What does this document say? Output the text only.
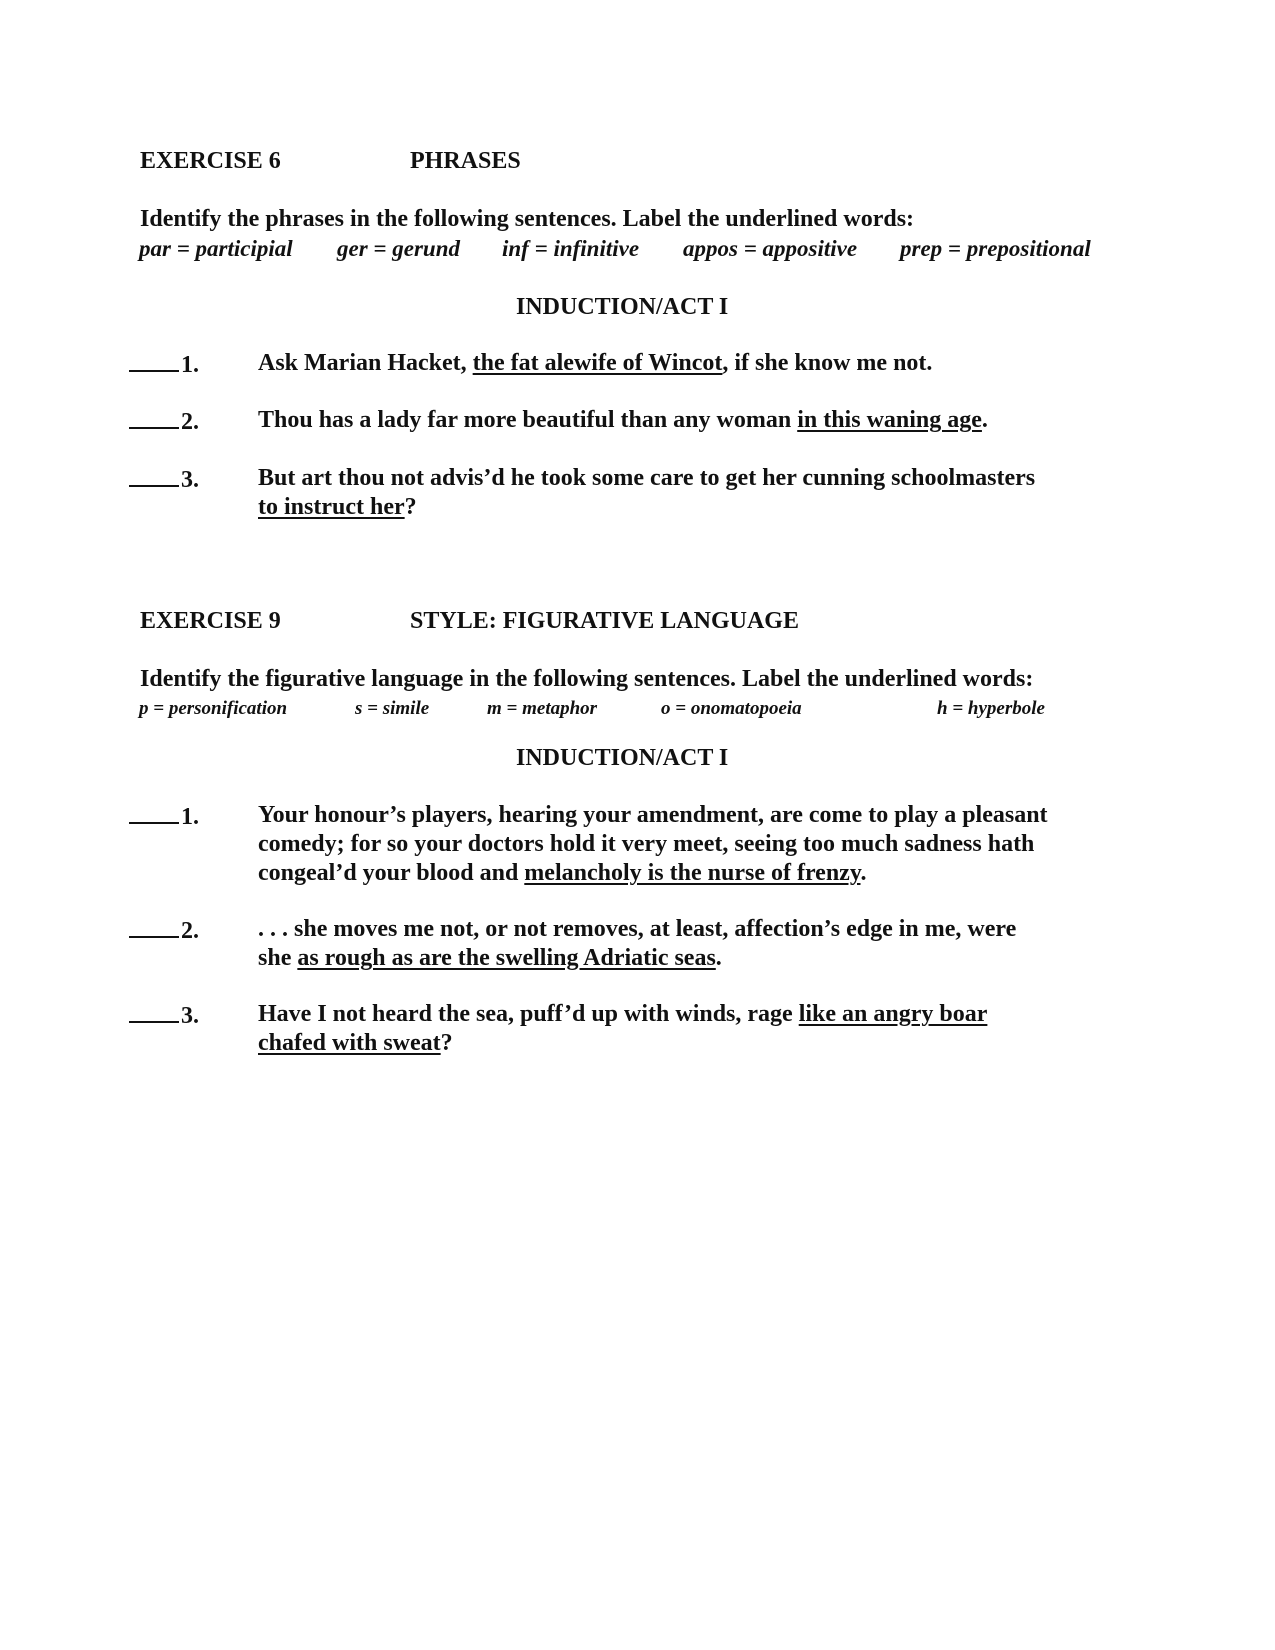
EXERCISE 6	PHRASES
Identify the phrases in the following sentences. Label the underlined words:
par = participial ger = gerund inf = infinitive appos = appositive prep = prepositional
INDUCTION/ACT I
1. Ask Marian Hacket, the fat alewife of Wincot, if she know me not.
2. Thou has a lady far more beautiful than any woman in this waning age.
3. But art thou not advis’d he took some care to get her cunning schoolmasters
to instruct her?
EXERCISE 9	STYLE: FIGURATIVE LANGUAGE
Identify the figurative language in the following sentences. Label the underlined words:
p = personification	s = simile	m = metaphor	o = onomatopoeia	h = hyperbole
INDUCTION/ACT I
1. Your honour’s players, hearing your amendment, are come to play a pleasant
comedy; for so your doctors hold it very meet, seeing too much sadness hath
congeal’d your blood and melancholy is the nurse of frenzy.
2. . . . she moves me not, or not removes, at least, affection’s edge in me, were
she as rough as are the swelling Adriatic seas.
3. Have I not heard the sea, puff’d up with winds, rage like an angry boar
chafed with sweat?
